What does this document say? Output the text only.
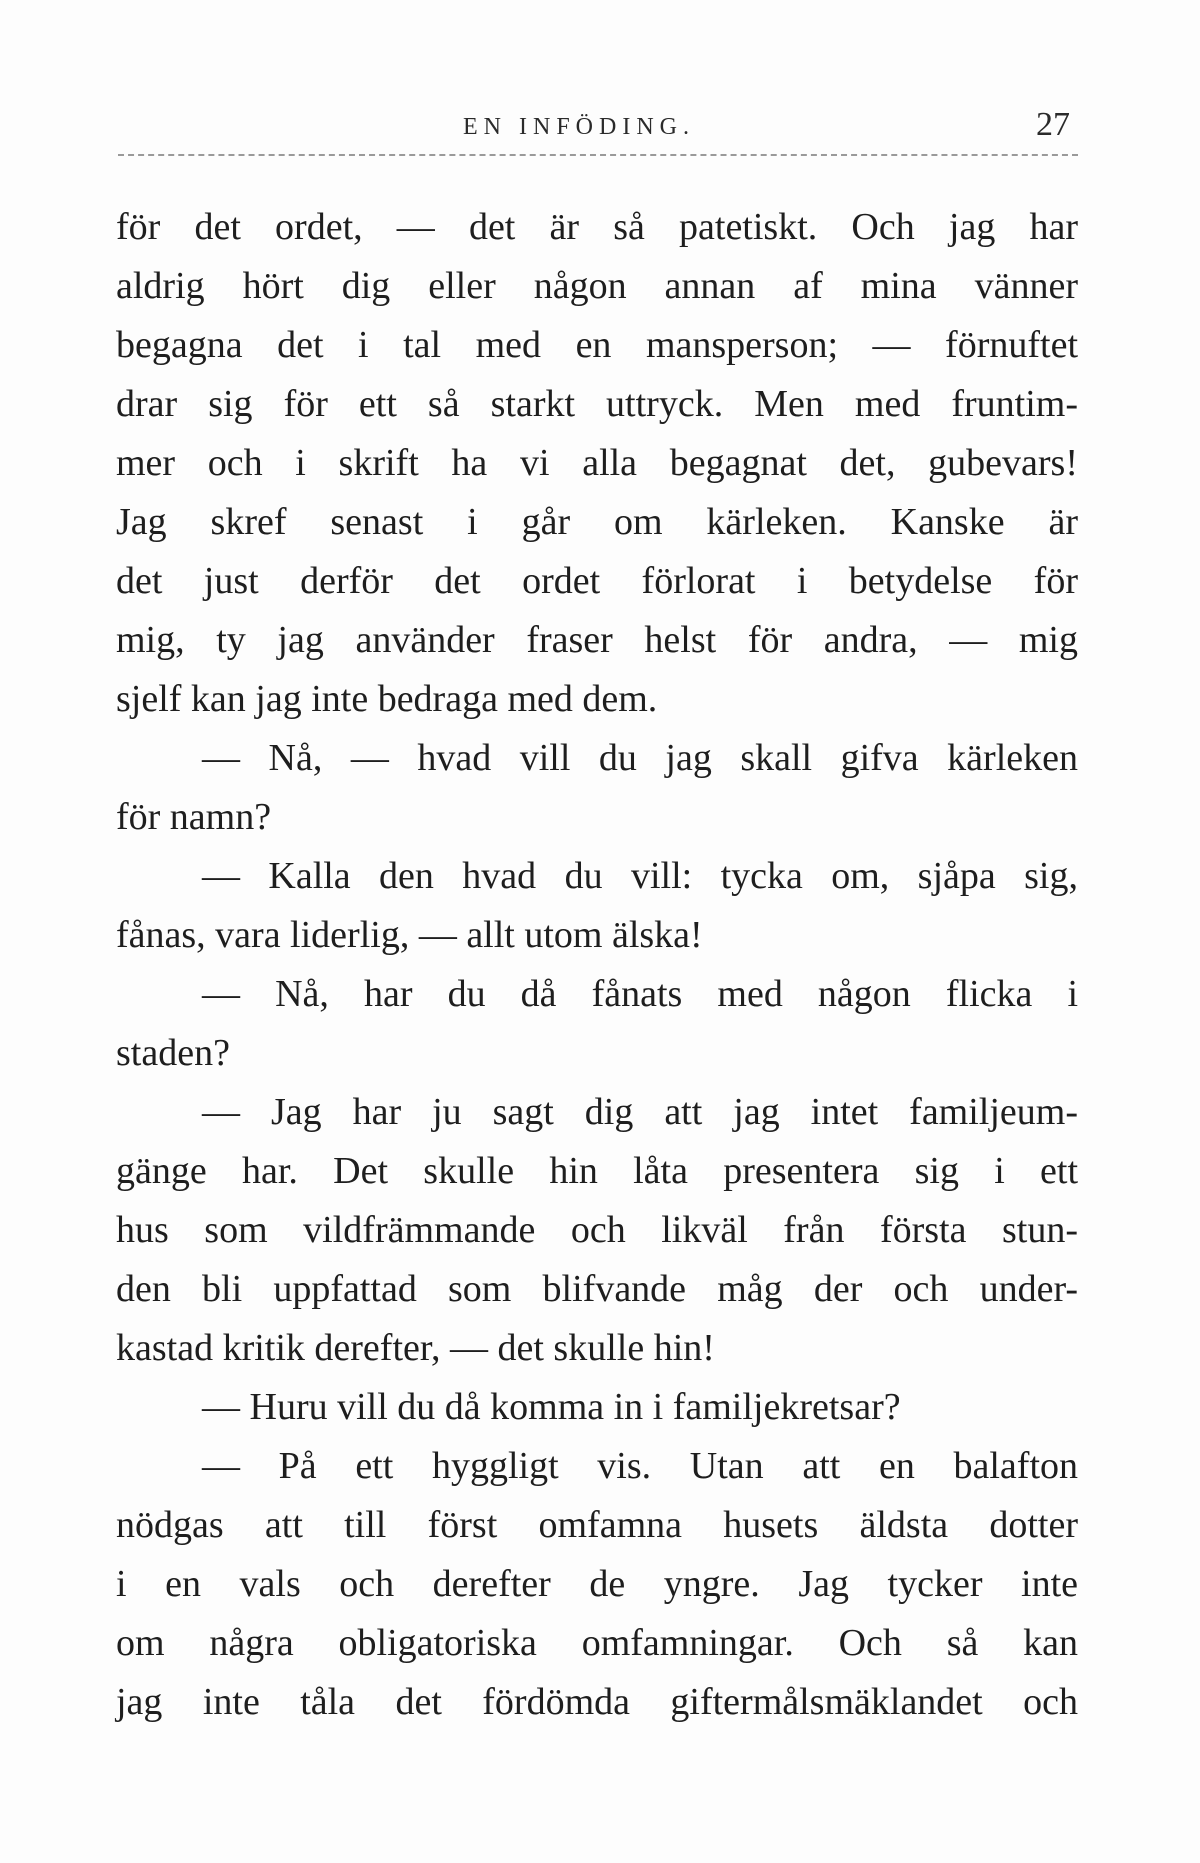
EN INFÖDING.	27
för det ordet, — det är så patetiskt. Och jag har
aldrig hört dig eller någon annan af mina vänner
begagna det i tal med en mansperson; — förnuftet
drar sig för ett så starkt uttryck. Men med fruntim-
mer och i skrift ha vi alla begagnat det, gubevars!
Jag skref senast i går om kärleken. Kanske är
det just derför det ordet förlorat i betydelse för
mig, ty jag använder fraser helst för andra, — mig
sjelf kan jag inte bedraga med dem.
— Nå, — hvad vill du jag skall gifva kärleken
för namn?
— Kalla den hvad du vill: tycka om, sjåpa sig,
fånas, vara liderlig, — allt utom älska!
— Nå, har du då fånats med någon flicka i
staden?
— Jag har ju sagt dig att jag intet familjeum-
gänge har. Det skulle hin låta presentera sig i ett
hus som vildfrämmande och likväl från första stun-
den bli uppfattad som blifvande måg der och under-
kastad kritik derefter, — det skulle hin!
— Huru vill du då komma in i familjekretsar?
— På ett hyggligt vis. Utan att en balafton
nödgas att till först omfamna husets äldsta dotter
i en vals och derefter de yngre. Jag tycker inte
om några obligatoriska omfamningar. Och så kan
jag inte tåla det fördömda giftermålsmäklandet och
